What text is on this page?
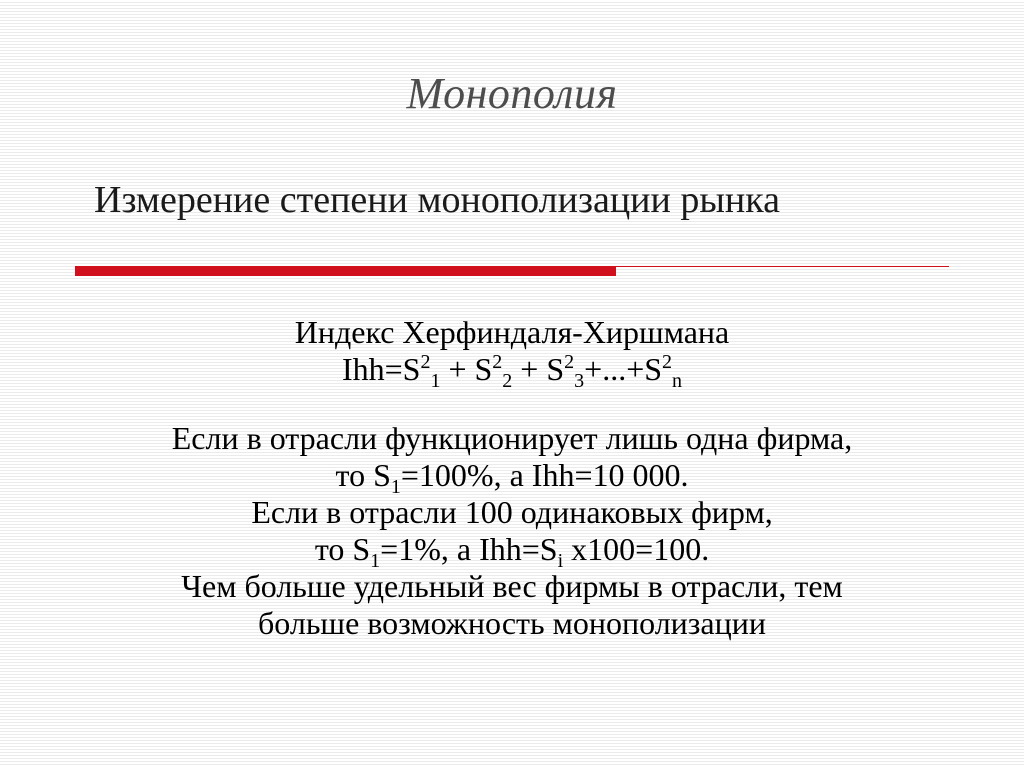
Монополия
Измерение степени монополизации рынка
Индекс Херфиндаля-Хиршмана
$Ihh=S^2_1 + S^2_2 + S^2_3+...+S^2_n$
Если в отрасли функционирует лишь одна фирма,
то $S_1=100\%$, а Ihh=10 000.
Если в отрасли 100 одинаковых фирм,
то $S_1=1\%$, а $Ihh=S_i$ x100=100.
Чем больше удельный вес фирмы в отрасли, тем
больше возможность монополизации
